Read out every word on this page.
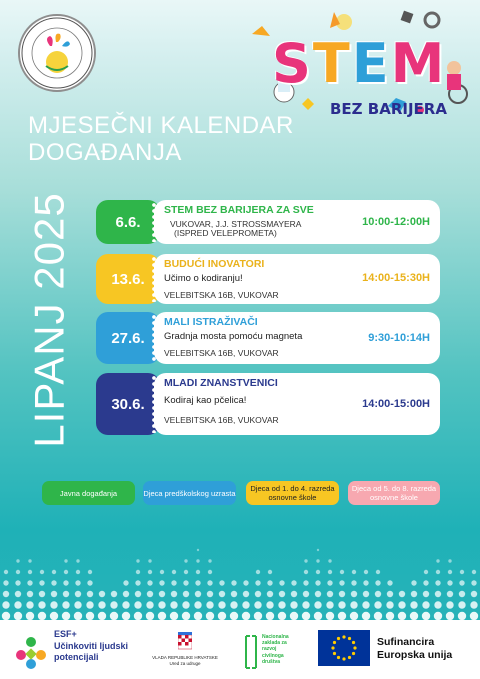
STEM
BEZ BARIJERA
MJESEČNI KALENDAR
DOGAĐANJA
LIPANJ 2025	6.6.
STEM BEZ BARIJERA ZA SVE
VUKOVAR, J.J. STROSSMAYERA
(ISPRED VELEPROMETA)
10:00-12:00H
13.6.
BUDUĆI INOVATORI
Učimo o kodiranju!
VELEBITSKA 16B, VUKOVAR
14:00-15:30H
27.6.
MALI ISTRAŽIVAČI
Gradnja mosta pomoću magneta
VELEBITSKA 16B, VUKOVAR
9:30-10:14H
30.6.
MLADI ZNANSTVENICI
Kodiraj kao pčelica!
VELEBITSKA 16B, VUKOVAR
14:00-15:00H
Javna događanja	Djeca predškolskog uzrasta	Djeca od 1. do 4. razreda osnovne škole
Djeca od 5. do 8. razreda osnovne škole
ESF+
Učinkoviti ljudski
potencijali	VLADA REPUBLIKE HRVATSKE
Ured za udruge
Nacionalna
zaklada za
razvoj
civilnoga
društva
Sufinancira
Europska unija
